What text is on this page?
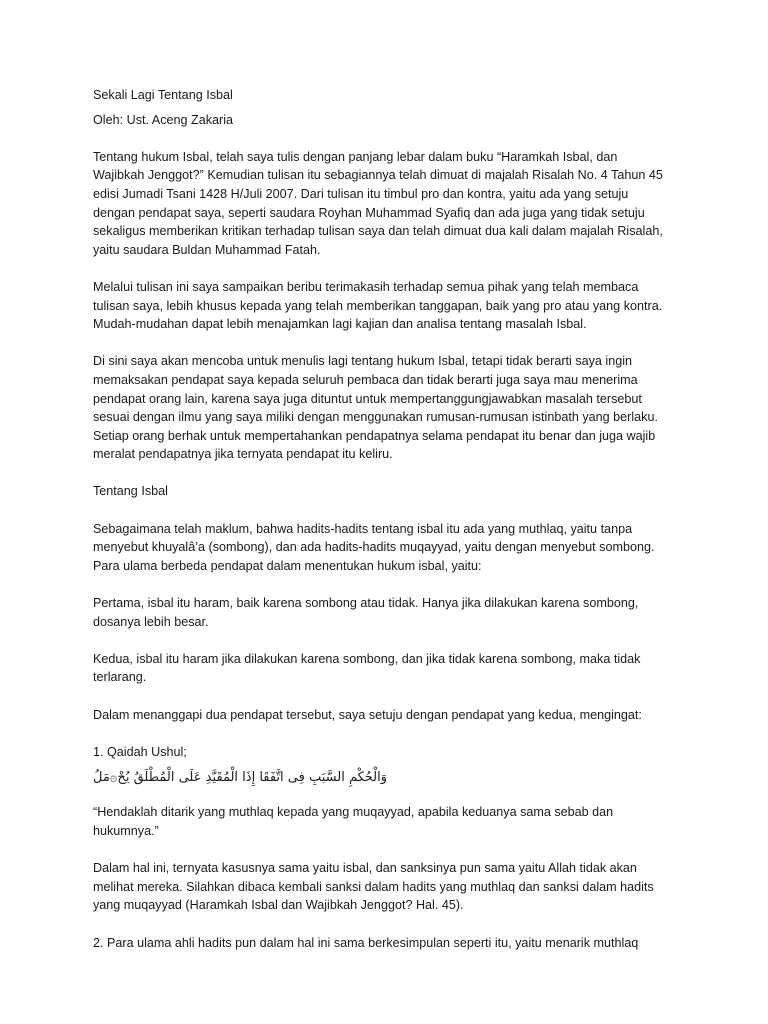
Sekali Lagi Tentang Isbal

Oleh: Ust. Aceng Zakaria

Tentang hukum Isbal, telah saya tulis dengan panjang lebar dalam buku “Haramkah Isbal, dan Wajibkah Jenggot?” Kemudian tulisan itu sebagiannya telah dimuat di majalah Risalah No. 4 Tahun 45 edisi Jumadi Tsani 1428 H/Juli 2007. Dari tulisan itu timbul pro dan kontra, yaitu ada yang setuju dengan pendapat saya, seperti saudara Royhan Muhammad Syafiq dan ada juga yang tidak setuju sekaligus memberikan kritikan terhadap tulisan saya dan telah dimuat dua kali dalam majalah Risalah, yaitu saudara Buldan Muhammad Fatah.

Melalui tulisan ini saya sampaikan beribu terimakasih terhadap semua pihak yang telah membaca tulisan saya, lebih khusus kepada yang telah memberikan tanggapan, baik yang pro atau yang kontra. Mudah-mudahan dapat lebih menajamkan lagi kajian dan analisa tentang masalah Isbal.

Di sini saya akan mencoba untuk menulis lagi tentang hukum Isbal, tetapi tidak berarti saya ingin memaksakan pendapat saya kepada seluruh pembaca dan tidak berarti juga saya mau menerima pendapat orang lain, karena saya juga dituntut untuk mempertanggungjawabkan masalah tersebut sesuai dengan ilmu yang saya miliki dengan menggunakan rumusan-rumusan istinbath yang berlaku. Setiap orang berhak untuk mempertahankan pendapatnya selama pendapat itu benar dan juga wajib meralat pendapatnya jika ternyata pendapat itu keliru.

Tentang Isbal

Sebagaimana telah maklum, bahwa hadits-hadits tentang isbal itu ada yang muthlaq, yaitu tanpa menyebut khuyalâ’a (sombong), dan ada hadits-hadits muqayyad, yaitu dengan menyebut sombong. Para ulama berbeda pendapat dalam menentukan hukum isbal, yaitu:

Pertama, isbal itu haram, baik karena sombong atau tidak. Hanya jika dilakukan karena sombong, dosanya lebih besar.

Kedua, isbal itu haram jika dilakukan karena sombong, dan jika tidak karena sombong, maka tidak terlarang.

Dalam menanggapi dua pendapat tersebut, saya setuju dengan pendapat yang kedua, mengingat:

1. Qaidah Ushul;

وَالْحُكْمِ السَّبَبِ فِى اتَّفَقَا إِذَا الْمُقَيَّدِ عَلَى الْمُطْلَقُ يُحْ۞مَلُ

“Hendaklah ditarik yang muthlaq kepada yang muqayyad, apabila keduanya sama sebab dan hukumnya.”

Dalam hal ini, ternyata kasusnya sama yaitu isbal, dan sanksinya pun sama yaitu Allah tidak akan melihat mereka. Silahkan dibaca kembali sanksi dalam hadits yang muthlaq dan sanksi dalam hadits yang muqayyad (Haramkah Isbal dan Wajibkah Jenggot? Hal. 45).

2. Para ulama ahli hadits pun dalam hal ini sama berkesimpulan seperti itu, yaitu menarik muthlaq
